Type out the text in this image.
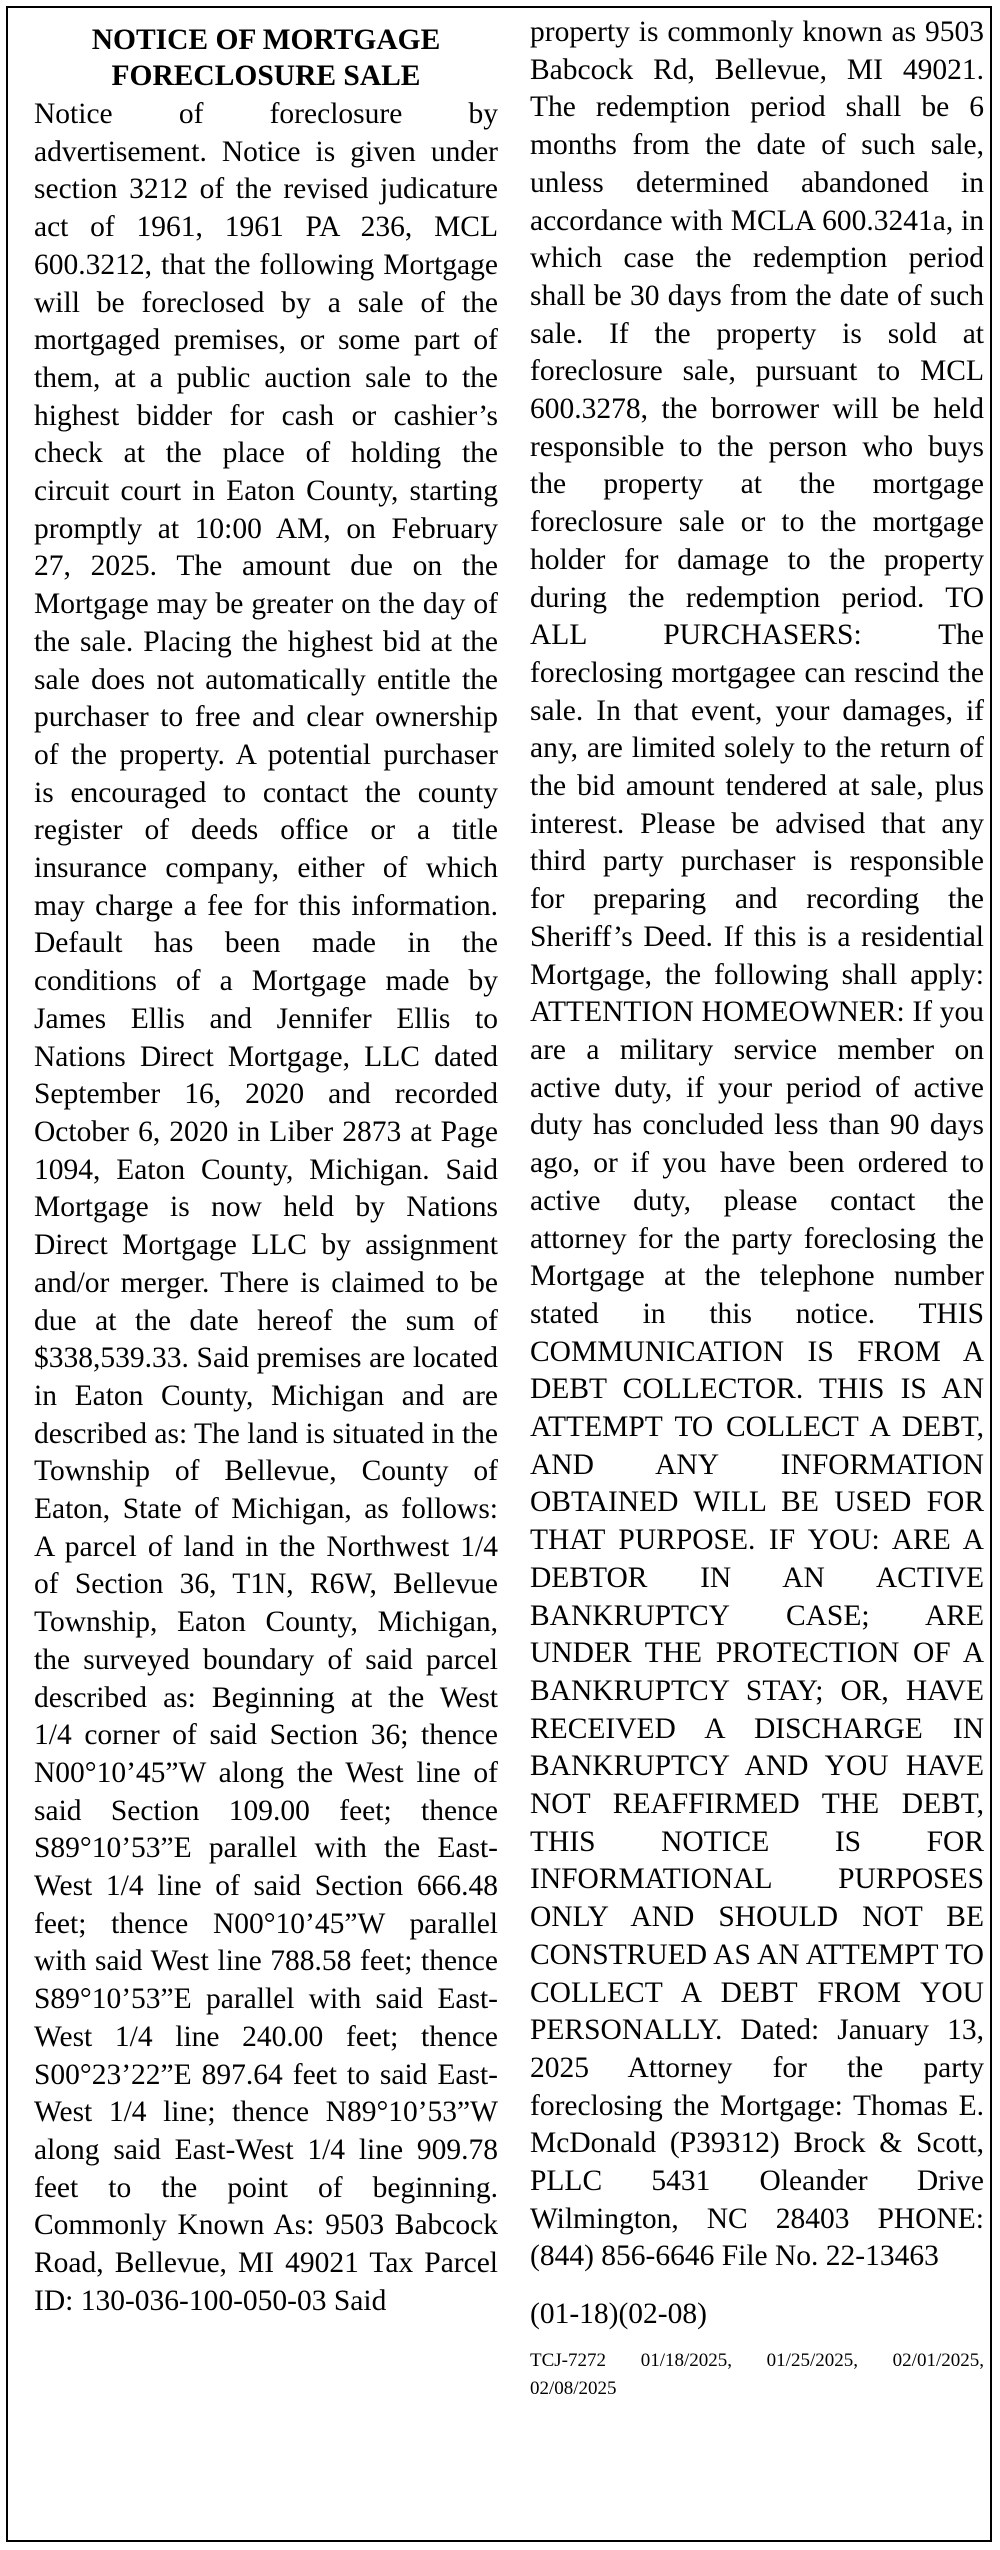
NOTICE OF MORTGAGE FORECLOSURE SALE

Notice of foreclosure by advertisement. Notice is given under section 3212 of the revised judicature act of 1961, 1961 PA 236, MCL 600.3212, that the following Mortgage will be foreclosed by a sale of the mortgaged premises, or some part of them, at a public auction sale to the highest bidder for cash or cashier’s check at the place of holding the circuit court in Eaton County, starting promptly at 10:00 AM, on February 27, 2025. The amount due on the Mortgage may be greater on the day of the sale. Placing the highest bid at the sale does not automatically entitle the purchaser to free and clear ownership of the property. A potential purchaser is encouraged to contact the county register of deeds office or a title insurance company, either of which may charge a fee for this information. Default has been made in the conditions of a Mortgage made by James Ellis and Jennifer Ellis to Nations Direct Mortgage, LLC dated September 16, 2020 and recorded October 6, 2020 in Liber 2873 at Page 1094, Eaton County, Michigan. Said Mortgage is now held by Nations Direct Mortgage LLC by assignment and/or merger. There is claimed to be due at the date hereof the sum of $338,539.33. Said premises are located in Eaton County, Michigan and are described as: The land is situated in the Township of Bellevue, County of Eaton, State of Michigan, as follows: A parcel of land in the Northwest 1/4 of Section 36, T1N, R6W, Bellevue Township, Eaton County, Michigan, the surveyed boundary of said parcel described as: Beginning at the West 1/4 corner of said Section 36; thence N00°10’45”W along the West line of said Section 109.00 feet; thence S89°10’53”E parallel with the East-West 1/4 line of said Section 666.48 feet; thence N00°10’45”W parallel with said West line 788.58 feet; thence S89°10’53”E parallel with said East-West 1/4 line 240.00 feet; thence S00°23’22”E 897.64 feet to said East-West 1/4 line; thence N89°10’53”W along said East-West 1/4 line 909.78 feet to the point of beginning. Commonly Known As: 9503 Babcock Road, Bellevue, MI 49021 Tax Parcel ID: 130-036-100-050-03 Said

property is commonly known as 9503 Babcock Rd, Bellevue, MI 49021. The redemption period shall be 6 months from the date of such sale, unless determined abandoned in accordance with MCLA 600.3241a, in which case the redemption period shall be 30 days from the date of such sale. If the property is sold at foreclosure sale, pursuant to MCL 600.3278, the borrower will be held responsible to the person who buys the property at the mortgage foreclosure sale or to the mortgage holder for damage to the property during the redemption period. TO ALL PURCHASERS: The foreclosing mortgagee can rescind the sale. In that event, your damages, if any, are limited solely to the return of the bid amount tendered at sale, plus interest. Please be advised that any third party purchaser is responsible for preparing and recording the Sheriff’s Deed. If this is a residential Mortgage, the following shall apply: ATTENTION HOMEOWNER: If you are a military service member on active duty, if your period of active duty has concluded less than 90 days ago, or if you have been ordered to active duty, please contact the attorney for the party foreclosing the Mortgage at the telephone number stated in this notice. THIS COMMUNICATION IS FROM A DEBT COLLECTOR. THIS IS AN ATTEMPT TO COLLECT A DEBT, AND ANY INFORMATION OBTAINED WILL BE USED FOR THAT PURPOSE. IF YOU: ARE A DEBTOR IN AN ACTIVE BANKRUPTCY CASE; ARE UNDER THE PROTECTION OF A BANKRUPTCY STAY; OR, HAVE RECEIVED A DISCHARGE IN BANKRUPTCY AND YOU HAVE NOT REAFFIRMED THE DEBT, THIS NOTICE IS FOR INFORMATIONAL PURPOSES ONLY AND SHOULD NOT BE CONSTRUED AS AN ATTEMPT TO COLLECT A DEBT FROM YOU PERSONALLY. Dated: January 13, 2025 Attorney for the party foreclosing the Mortgage: Thomas E. McDonald (P39312) Brock & Scott, PLLC 5431 Oleander Drive Wilmington, NC 28403 PHONE: (844) 856-6646 File No. 22-13463

(01-18)(02-08)

TCJ-7272 01/18/2025, 01/25/2025, 02/01/2025, 02/08/2025
